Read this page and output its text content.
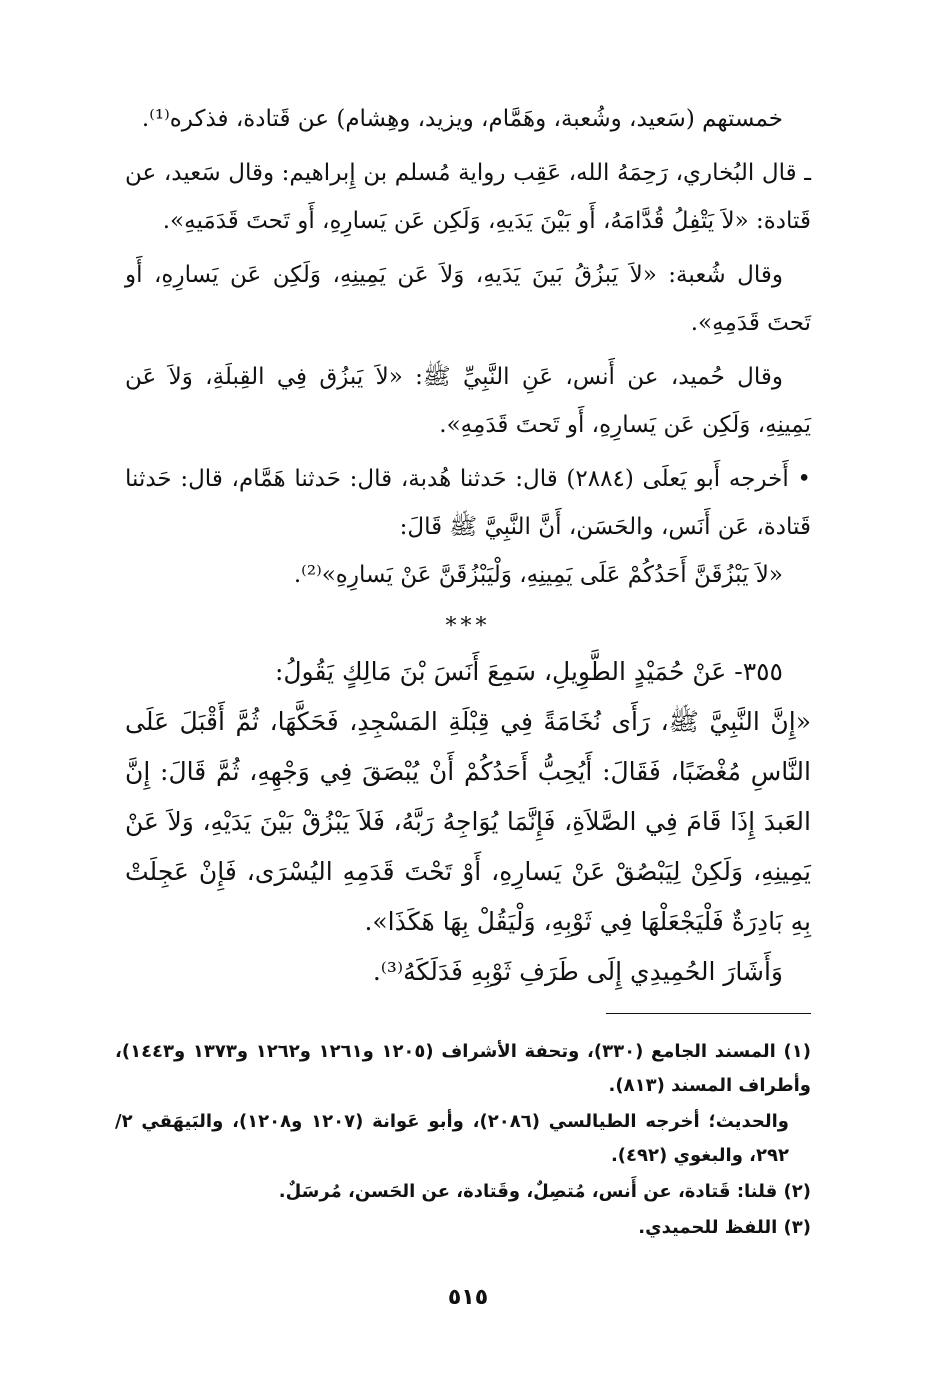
خمستهم (سَعيد، وشُعبة، وهَمَّام، ويزيد، وهِشام) عن قَتادة، فذكره⁽¹⁾.

ـ قال البُخاري، رَحِمَهُ الله، عَقِب رواية مُسلم بن إِبراهيم: وقال سَعيد، عن قَتادة: «لاَ يَتْفِلُ قُدَّامَهُ، أَو بَيْنَ يَدَيهِ، وَلَكِن عَن يَسارِهِ، أَو تَحتَ قَدَمَيهِ».

وقال شُعبة: «لاَ يَبزُقُ بَينَ يَدَيهِ، وَلاَ عَن يَمِينِهِ، وَلَكِن عَن يَسارِهِ، أَو تَحتَ قَدَمِهِ».

وقال حُميد، عن أَنس، عَنِ النَّبِيِّ ﷺ: «لاَ يَبزُق فِي القِبلَةِ، وَلاَ عَن يَمِينِهِ، وَلَكِن عَن يَسارِهِ، أَو تَحتَ قَدَمِهِ».

• أَخرجه أَبو يَعلَى (٢٨٨٤) قال: حَدثنا هُدبة، قال: حَدثنا هَمَّام، قال: حَدثنا قَتادة، عَن أَنَس، والحَسَن، أَنَّ النَّبِيَّ ﷺ قَالَ:

«لاَ يَبْزُقَنَّ أَحَدُكُمْ عَلَى يَمِينِهِ، وَلْيَبْزُقَنَّ عَنْ يَسارِهِ»⁽²⁾.

***

٣٥٥- عَنْ حُمَيْدٍ الطَّوِيلِ، سَمِعَ أَنَسَ بْنَ مَالِكٍ يَقُولُ:

«إِنَّ النَّبِيَّ ﷺ، رَأَى نُخَامَةً فِي قِبْلَةِ المَسْجِدِ، فَحَكَّهَا، ثُمَّ أَقْبَلَ عَلَى النَّاسِ مُغْضَبًا، فَقَالَ: أَيُحِبُّ أَحَدُكُمْ أَنْ يُبْصَقَ فِي وَجْهِهِ، ثُمَّ قَالَ: إِنَّ العَبدَ إِذَا قَامَ فِي الصَّلاَةِ، فَإِنَّمَا يُوَاجِهُ رَبَّهُ، فَلاَ يَبْزُقْ بَيْنَ يَدَيْهِ، وَلاَ عَنْ يَمِينِهِ، وَلَكِنْ لِيَبْصُقْ عَنْ يَسارِهِ، أَوْ تَحْتَ قَدَمِهِ اليُسْرَى، فَإِنْ عَجِلَتْ بِهِ بَادِرَةٌ فَلْيَجْعَلْهَا فِي ثَوْبِهِ، وَلْيَقُلْ بِهَا هَكَذَا».

وَأَشَارَ الحُمِيدِي إِلَى طَرَفِ ثَوْبِهِ فَدَلَكَهُ⁽³⁾.

(١) المسند الجامع (٣٣٠)، وتحفة الأشراف (١٢٠٥ و١٢٦١ و١٢٦٢ و١٣٧٣ و١٤٤٣)، وأطراف المسند (٨١٣).

والحديث؛ أخرجه الطيالسي (٢٠٨٦)، وأبو عَوانة (١٢٠٧ و١٢٠٨)، والبَيهَقي ٢/ ٢٩٢، والبغوي (٤٩٢).

(٢) قلنا: قَتادة، عن أَنس، مُتصِلٌ، وقَتادة، عن الحَسن، مُرسَلٌ.

(٣) اللفظ للحميدي.

٥١٥
